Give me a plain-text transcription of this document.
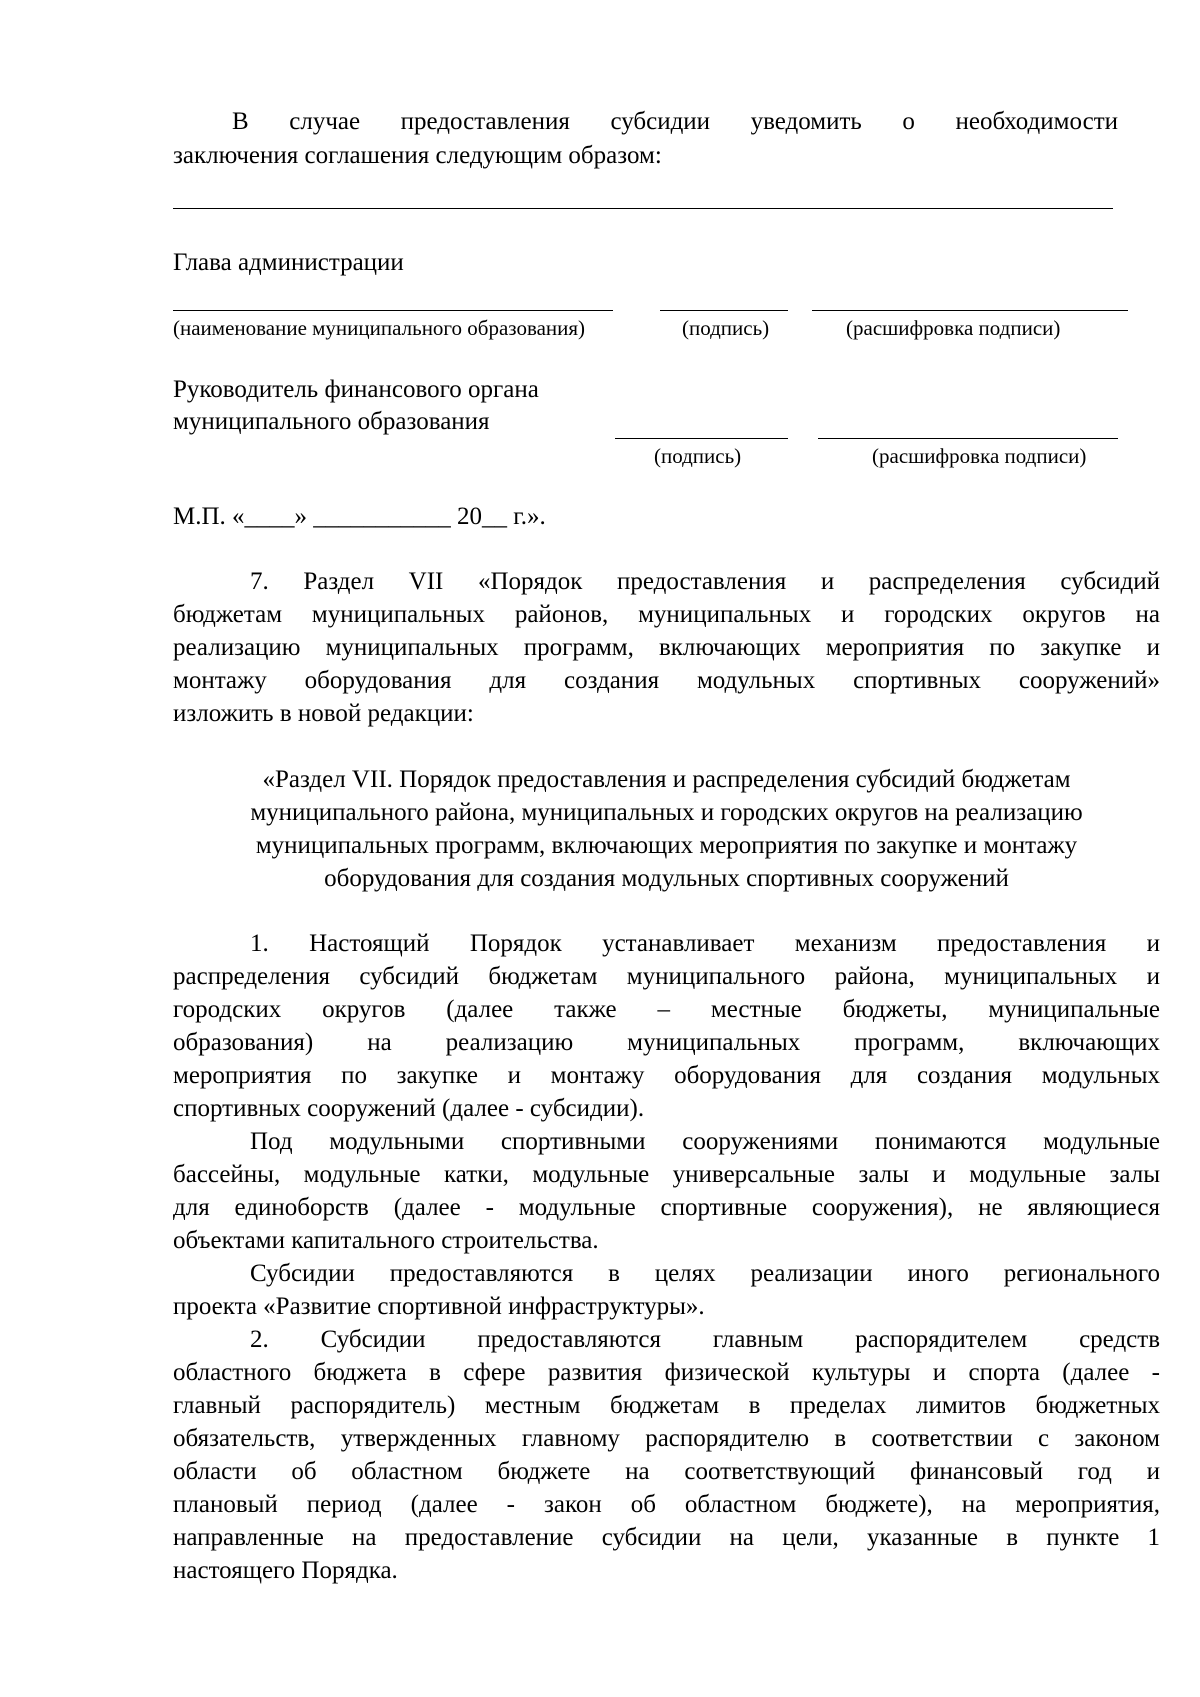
В случае предоставления субсидии уведомить о необходимости
заключения соглашения следующим образом:
Глава администрации
(наименование муниципального образования)	(подпись)	(расшифровка подписи)
Руководитель финансового органа
муниципального образования
(подпись)	(расшифровка подписи)
М.П. «____» ___________ 20__ г.».
7. Раздел VII «Порядок предоставления и распределения субсидий
бюджетам муниципальных районов, муниципальных и городских округов на
реализацию муниципальных программ, включающих мероприятия по закупке и
монтажу оборудования для создания модульных спортивных сооружений»
изложить в новой редакции:
«Раздел VII. Порядок предоставления и распределения субсидий бюджетам
муниципального района, муниципальных и городских округов на реализацию
муниципальных программ, включающих мероприятия по закупке и монтажу
оборудования для создания модульных спортивных сооружений
1. Настоящий Порядок устанавливает механизм предоставления и
распределения субсидий бюджетам муниципального района, муниципальных и
городских округов (далее также – местные бюджеты, муниципальные
образования) на реализацию муниципальных программ, включающих
мероприятия по закупке и монтажу оборудования для создания модульных
спортивных сооружений (далее - субсидии).
Под модульными спортивными сооружениями понимаются модульные
бассейны, модульные катки, модульные универсальные залы и модульные залы
для единоборств (далее - модульные спортивные сооружения), не являющиеся
объектами капитального строительства.
Субсидии предоставляются в целях реализации иного регионального
проекта «Развитие спортивной инфраструктуры».
2. Субсидии предоставляются главным распорядителем средств
областного бюджета в сфере развития физической культуры и спорта (далее -
главный распорядитель) местным бюджетам в пределах лимитов бюджетных
обязательств, утвержденных главному распорядителю в соответствии с законом
области об областном бюджете на соответствующий финансовый год и
плановый период (далее - закон об областном бюджете), на мероприятия,
направленные на предоставление субсидии на цели, указанные в пункте 1
настоящего Порядка.
